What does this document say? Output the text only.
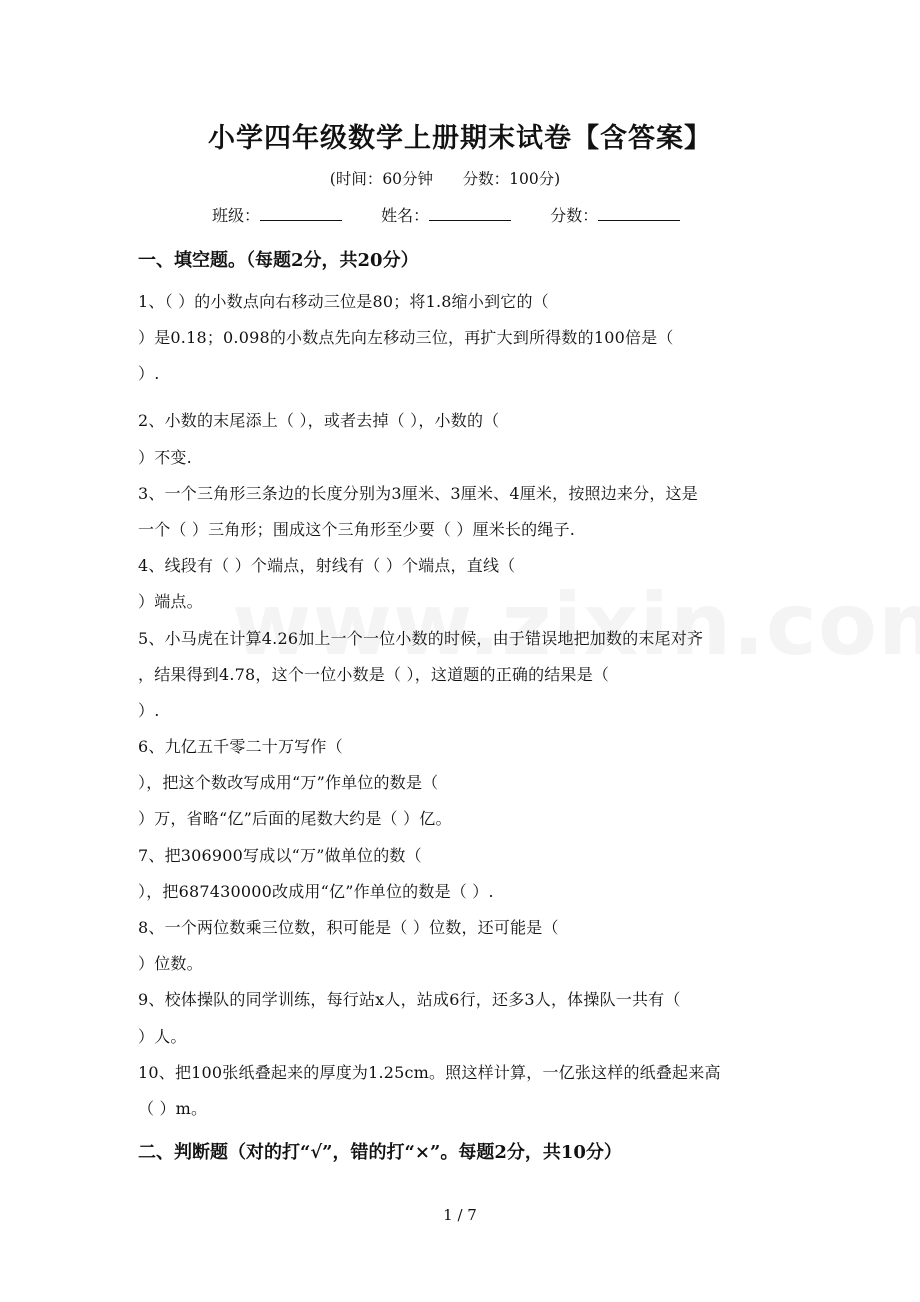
小学四年级数学上册期末试卷【含答案】
(时间：60分钟      分数：100分)
班级：	姓名：	分数：
一、填空题。（每题2分，共20分）
1、（ ）的小数点向右移动三位是80；将1.8缩小到它的（
）是0.18；0.098的小数点先向左移动三位，再扩大到所得数的100倍是（
）.
2、小数的末尾添上（ ），或者去掉（ ），小数的（
）不变.
3、一个三角形三条边的长度分别为3厘米、3厘米、4厘米，按照边来分，这是
一个（ ）三角形；围成这个三角形至少要（ ）厘米长的绳子.
4、线段有（ ）个端点，射线有（ ）个端点，直线（
）端点。
5、小马虎在计算4.26加上一个一位小数的时候，由于错误地把加数的末尾对齐
，结果得到4.78，这个一位小数是（ ），这道题的正确的结果是（
）.
6、九亿五千零二十万写作（
），把这个数改写成用“万”作单位的数是（
）万，省略“亿”后面的尾数大约是（ ）亿。
7、把306900写成以“万”做单位的数（
），把687430000改成用“亿”作单位的数是（ ）.
8、一个两位数乘三位数，积可能是（ ）位数，还可能是（
）位数。
9、校体操队的同学训练，每行站x人，站成6行，还多3人，体操队一共有（
）人。
10、把100张纸叠起来的厚度为1.25cm。照这样计算，一亿张这样的纸叠起来高
（ ）m。
二、判断题（对的打“√”，错的打“×”。每题2分，共10分）
1 / 7
